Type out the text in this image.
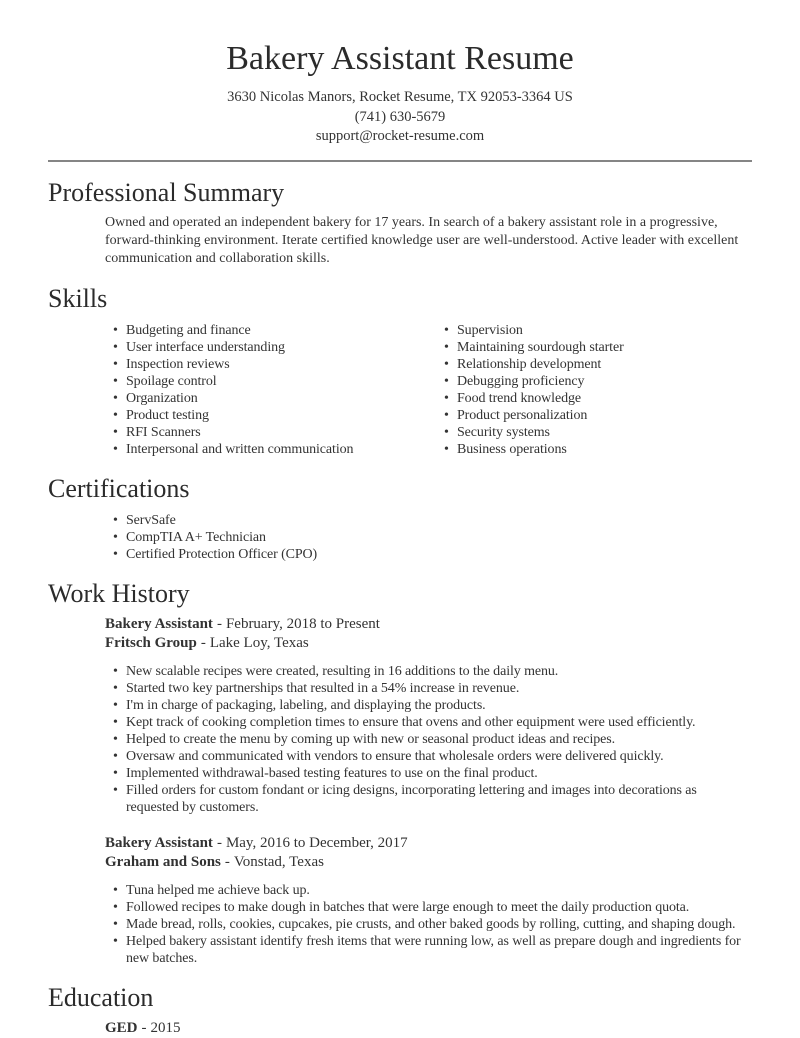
Bakery Assistant Resume
3630 Nicolas Manors, Rocket Resume, TX 92053-3364 US
(741) 630-5679
support@rocket-resume.com
Professional Summary

Owned and operated an independent bakery for 17 years. In search of a bakery assistant role in a progressive, forward-thinking environment. Iterate certified knowledge user are well-understood. Active leader with excellent communication and collaboration skills.

Skills
• Budgeting and finance
• User interface understanding
• Inspection reviews
• Spoilage control
• Organization
• Product testing
• RFI Scanners
• Interpersonal and written communication
• Supervision
• Maintaining sourdough starter
• Relationship development
• Debugging proficiency
• Food trend knowledge
• Product personalization
• Security systems
• Business operations
Certifications
• ServSafe
• CompTIA A+ Technician
• Certified Protection Officer (CPO)
Work History
Bakery Assistant - February, 2018 to Present
Fritsch Group - Lake Loy, Texas
• New scalable recipes were created, resulting in 16 additions to the daily menu.
• Started two key partnerships that resulted in a 54% increase in revenue.
• I'm in charge of packaging, labeling, and displaying the products.
• Kept track of cooking completion times to ensure that ovens and other equipment were used efficiently.
• Helped to create the menu by coming up with new or seasonal product ideas and recipes.
• Oversaw and communicated with vendors to ensure that wholesale orders were delivered quickly.
• Implemented withdrawal-based testing features to use on the final product.
• Filled orders for custom fondant or icing designs, incorporating lettering and images into decorations as requested by customers.
Bakery Assistant - May, 2016 to December, 2017
Graham and Sons - Vonstad, Texas
• Tuna helped me achieve back up.
• Followed recipes to make dough in batches that were large enough to meet the daily production quota.
• Made bread, rolls, cookies, cupcakes, pie crusts, and other baked goods by rolling, cutting, and shaping dough.
• Helped bakery assistant identify fresh items that were running low, as well as prepare dough and ingredients for new batches.
Education
GED - 2015
